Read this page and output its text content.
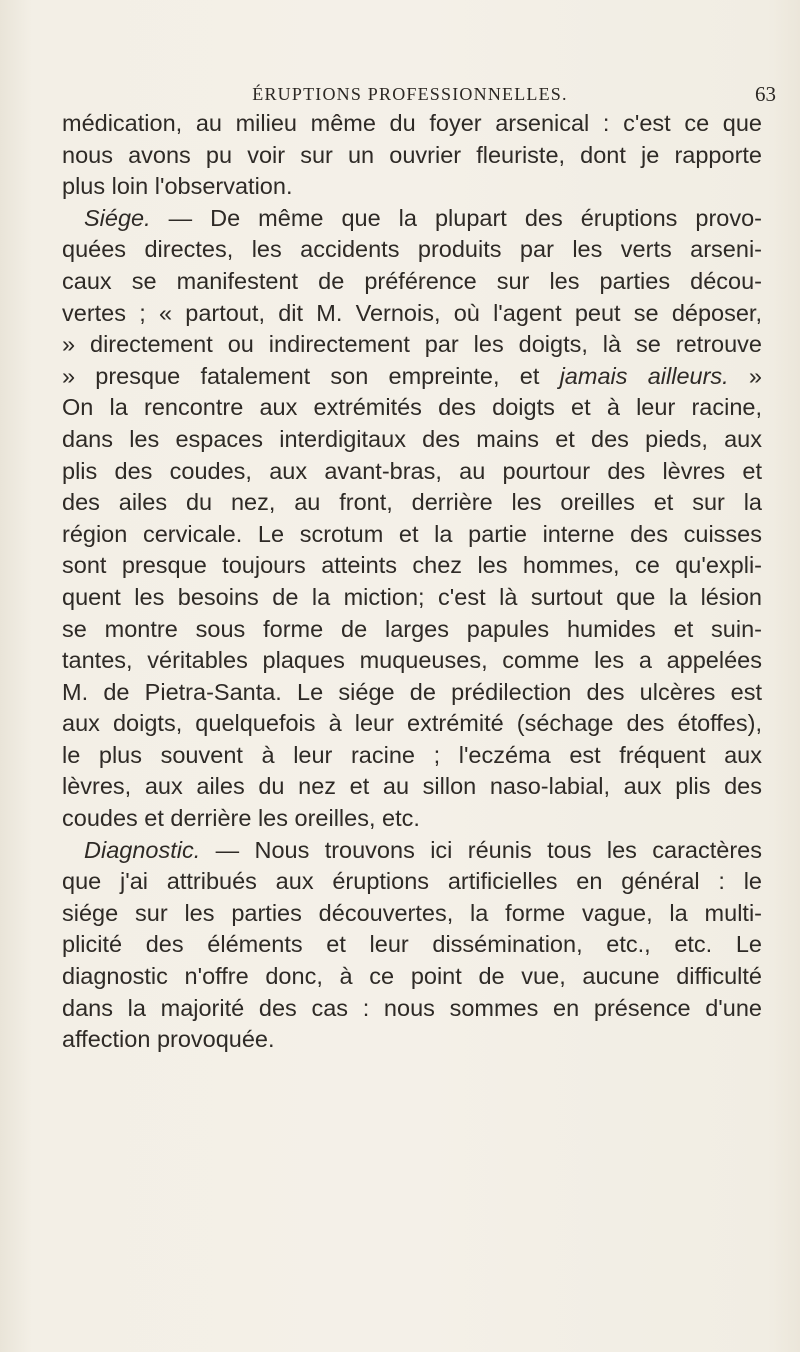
ÉRUPTIONS PROFESSIONNELLES.	63
médication, au milieu même du foyer arsenical : c'est ce que
nous avons pu voir sur un ouvrier fleuriste, dont je rapporte
plus loin l'observation.
Siége. — De même que la plupart des éruptions provo-
quées directes, les accidents produits par les verts arseni-
caux se manifestent de préférence sur les parties décou-
vertes ; « partout, dit M. Vernois, où l'agent peut se déposer,
» directement ou indirectement par les doigts, là se retrouve
» presque fatalement son empreinte, et jamais ailleurs. »
On la rencontre aux extrémités des doigts et à leur racine,
dans les espaces interdigitaux des mains et des pieds, aux
plis des coudes, aux avant-bras, au pourtour des lèvres et
des ailes du nez, au front, derrière les oreilles et sur la
région cervicale. Le scrotum et la partie interne des cuisses
sont presque toujours atteints chez les hommes, ce qu'expli-
quent les besoins de la miction; c'est là surtout que la lésion
se montre sous forme de larges papules humides et suin-
tantes, véritables plaques muqueuses, comme les a appelées
M. de Pietra-Santa. Le siége de prédilection des ulcères est
aux doigts, quelquefois à leur extrémité (séchage des étoffes),
le plus souvent à leur racine ; l'eczéma est fréquent aux
lèvres, aux ailes du nez et au sillon naso-labial, aux plis des
coudes et derrière les oreilles, etc.
Diagnostic. — Nous trouvons ici réunis tous les caractères
que j'ai attribués aux éruptions artificielles en général : le
siége sur les parties découvertes, la forme vague, la multi-
plicité des éléments et leur dissémination, etc., etc. Le
diagnostic n'offre donc, à ce point de vue, aucune difficulté
dans la majorité des cas : nous sommes en présence d'une
affection provoquée.
